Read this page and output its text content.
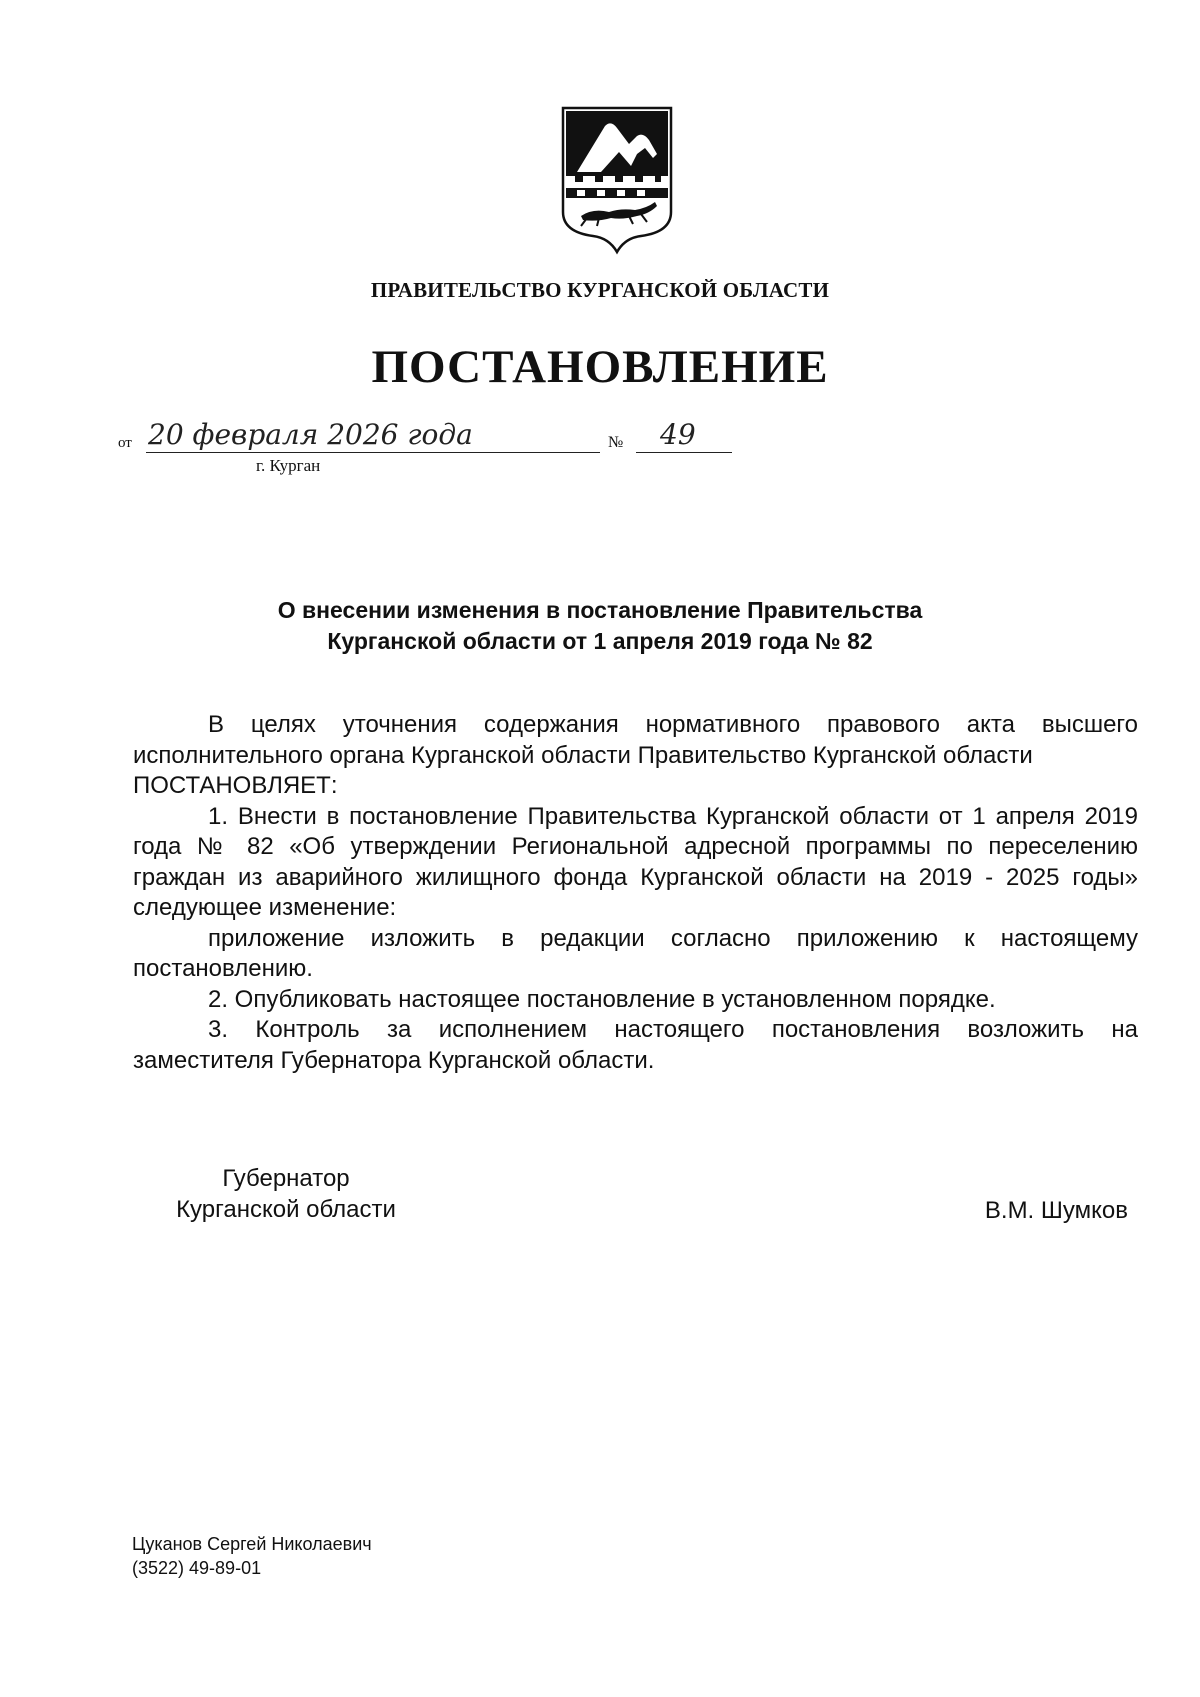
ПРАВИТЕЛЬСТВО КУРГАНСКОЙ ОБЛАСТИ
ПОСТАНОВЛЕНИЕ
от 20 февраля 2026 года	№	49
г. Курган
О внесении изменения в постановление Правительства
Курганской области от 1 апреля 2019 года № 82

В целях уточнения содержания нормативного правового акта высшего исполнительного органа Курганской области Правительство Курганской области

ПОСТАНОВЛЯЕТ:

1. Внести в постановление Правительства Курганской области от 1 апреля 2019 года № 82 «Об утверждении Региональной адресной программы по переселению граждан из аварийного жилищного фонда Курганской области на 2019 - 2025 годы» следующее изменение:

приложение изложить в редакции согласно приложению к настоящему постановлению.

2. Опубликовать настоящее постановление в установленном порядке.

3. Контроль за исполнением настоящего постановления возложить на заместителя Губернатора Курганской области.

Губернатор
Курганской области	В.М. Шумков
Цуканов Сергей Николаевич
(3522) 49-89-01
